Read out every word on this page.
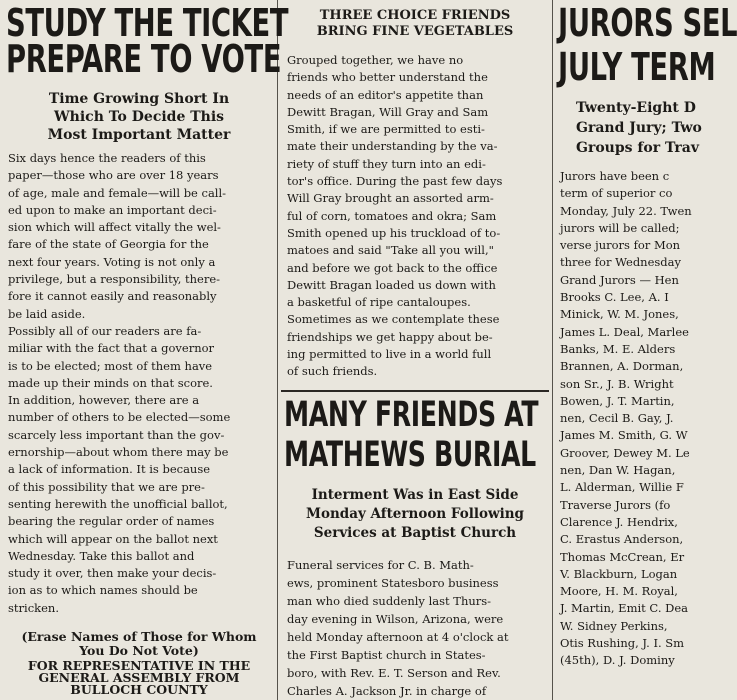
STUDY THE TICKET
PREPARE TO VOTE
Time Growing Short In
Which To Decide This
Most Important Matter
Six days hence the readers of this
paper—those who are over 18 years
of age, male and female—will be call-
ed upon to make an important deci-
sion which will affect vitally the wel-
fare of the state of Georgia for the
next four years. Voting is not only a
privilege, but a responsibility, there-
fore it cannot easily and reasonably
be laid aside.
Possibly all of our readers are fa-
miliar with the fact that a governor
is to be elected; most of them have
made up their minds on that score.
In addition, however, there are a
number of others to be elected—some
scarcely less important than the gov-
ernorship—about whom there may be
a lack of information. It is because
of this possibility that we are pre-
senting herewith the unofficial ballot,
bearing the regular order of names
which will appear on the ballot next
Wednesday. Take this ballot and
study it over, then make your decis-
ion as to which names should be
stricken.
(Erase Names of Those for Whom
You Do Not Vote)
FOR REPRESENTATIVE IN THE
GENERAL ASSEMBLY FROM
BULLOCH COUNTY
THREE CHOICE FRIENDS
BRING FINE VEGETABLES
Grouped together, we have no
friends who better understand the
needs of an editor's appetite than
Dewitt Bragan, Will Gray and Sam
Smith, if we are permitted to esti-
mate their understanding by the va-
riety of stuff they turn into an edi-
tor's office. During the past few days
Will Gray brought an assorted arm-
ful of corn, tomatoes and okra; Sam
Smith opened up his truckload of to-
matoes and said "Take all you will,"
and before we got back to the office
Dewitt Bragan loaded us down with
a basketful of ripe cantaloupes.
Sometimes as we contemplate these
friendships we get happy about be-
ing permitted to live in a world full
of such friends.
MANY FRIENDS AT
MATHEWS BURIAL
Interment Was in East Side
Monday Afternoon Following
Services at Baptist Church
Funeral services for C. B. Math-
ews, prominent Statesboro business
man who died suddenly last Thurs-
day evening in Wilson, Arizona, were
held Monday afternoon at 4 o'clock at
the First Baptist church in States-
boro, with Rev. E. T. Serson and Rev.
Charles A. Jackson Jr. in charge of
JURORS SEL
JULY TERM
Twenty-Eight D
Grand Jury; Two
Groups for Trav
Jurors have been c
term of superior co
Monday, July 22. Twen
jurors will be called;
verse jurors for Mon
three for Wednesday
Grand Jurors — Hen
Brooks C. Lee, A. I
Minick, W. M. Jones,
James L. Deal, Marlee
Banks, M. E. Alders
Brannen, A. Dorman,
son Sr., J. B. Wright
Bowen, J. T. Martin,
nen, Cecil B. Gay, J.
James M. Smith, G. W
Groover, Dewey M. Le
nen, Dan W. Hagan,
L. Alderman, Willie F
Traverse Jurors (fo
Clarence J. Hendrix,
C. Erastus Anderson,
Thomas McCrean, Er
V. Blackburn, Logan
Moore, H. M. Royal,
J. Martin, Emit C. Dea
W. Sidney Perkins,
Otis Rushing, J. I. Sm
(45th), D. J. Dominy
